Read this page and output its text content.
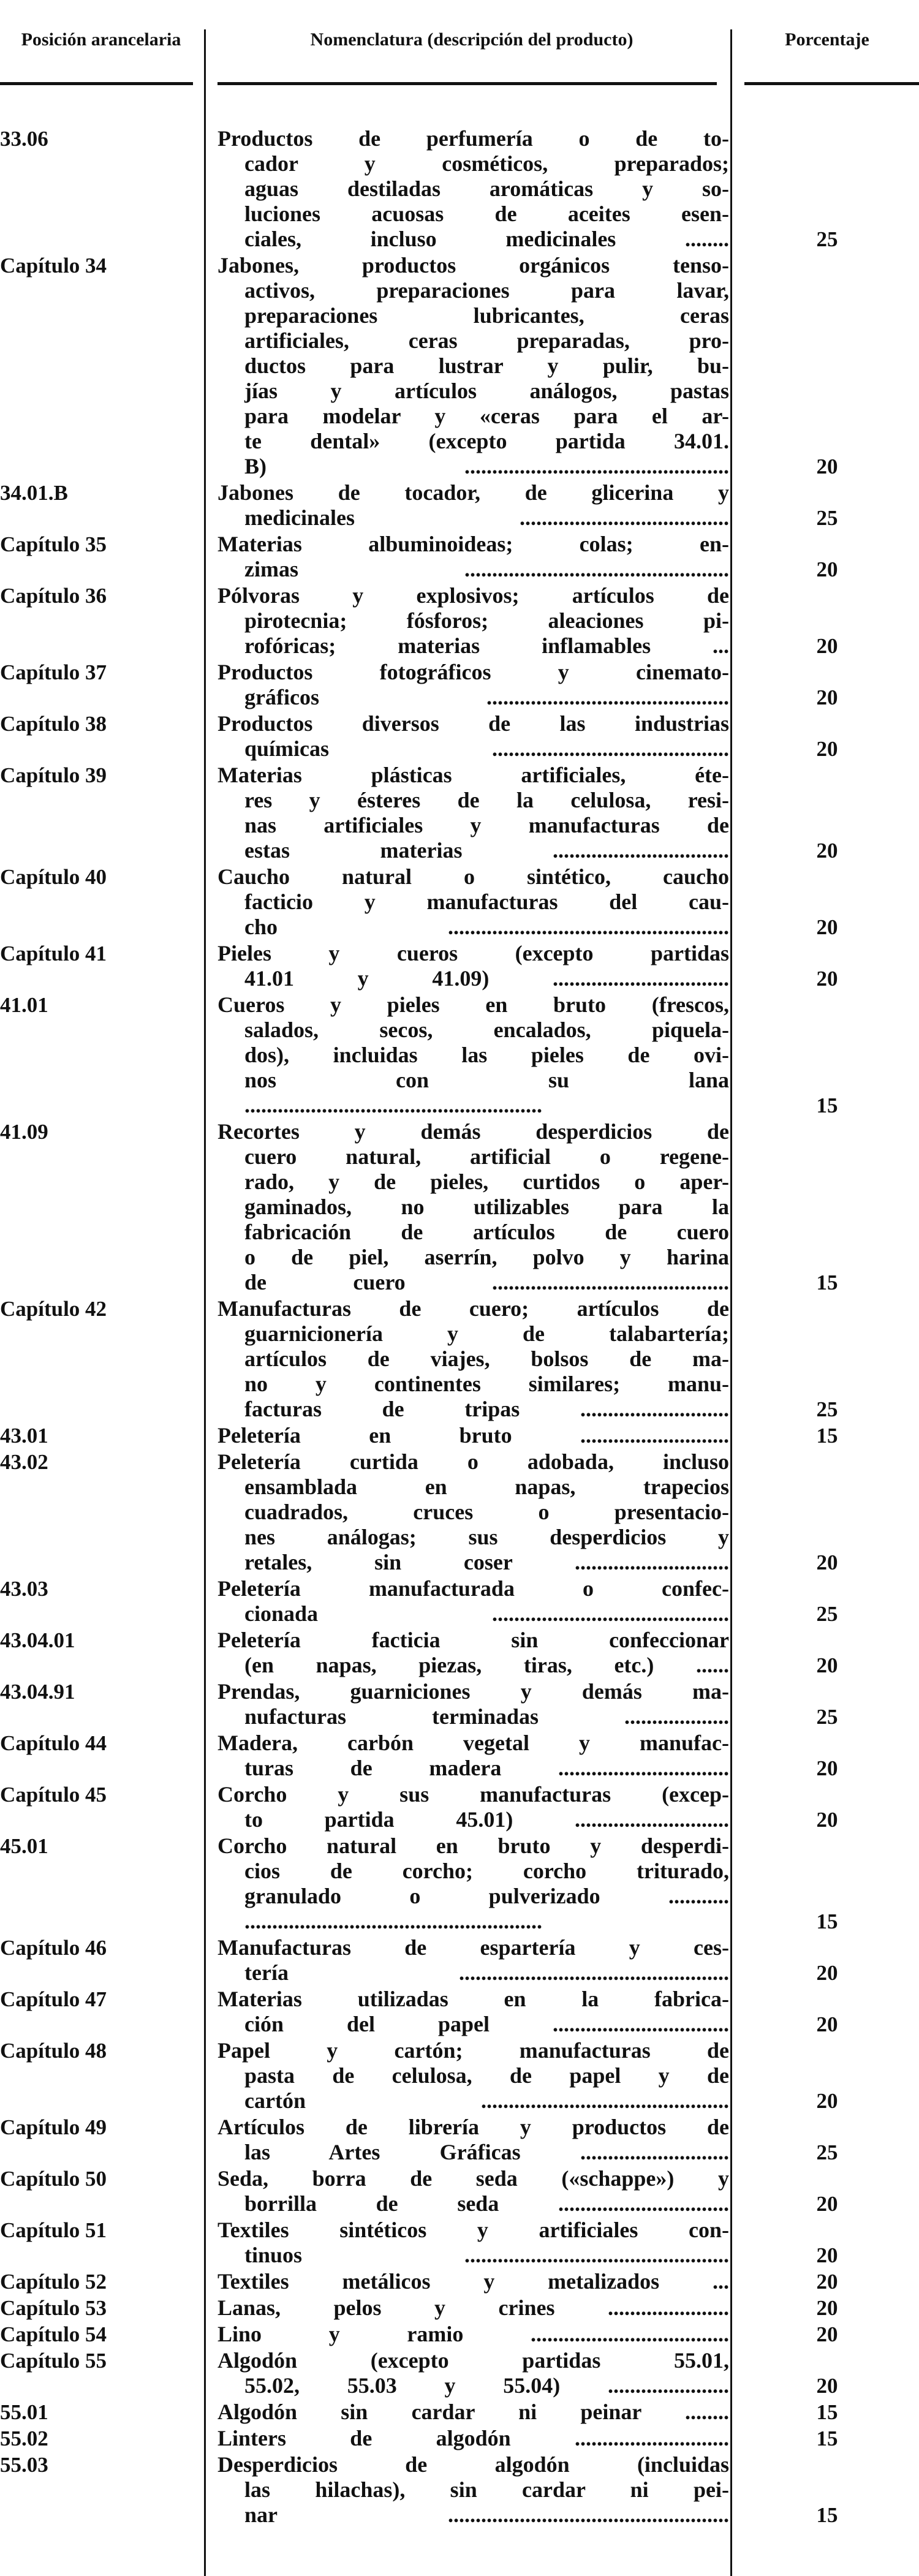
Posición arancelaria	Nomenclatura (descripción del producto)	Porcentaje
33.06	Productos de perfumería o de to-
cador y cosméticos, preparados;
aguas destiladas aromáticas y so-
luciones acuosas de aceites esen-
ciales, incluso medicinales ........	25
Capítulo 34	Jabones, productos orgánicos tenso-
activos, preparaciones para lavar,
preparaciones lubricantes, ceras
artificiales, ceras preparadas, pro-
ductos para lustrar y pulir, bu-
jías y artículos análogos, pastas
para modelar y «ceras para el ar-
te dental» (excepto partida 34.01.
B) ................................................	20
34.01.B	Jabones de tocador, de glicerina y
medicinales ......................................	25
Capítulo 35	Materias albuminoideas; colas; en-
zimas ................................................	20
Capítulo 36	Pólvoras y explosivos; artículos de
pirotecnia; fósforos; aleaciones pi-
rofóricas; materias inflamables ...	20
Capítulo 37	Productos fotográficos y cinemato-
gráficos ............................................	20
Capítulo 38	Productos diversos de las industrias
químicas ...........................................	20
Capítulo 39	Materias plásticas artificiales, éte-
res y ésteres de la celulosa, resi-
nas artificiales y manufacturas de
estas materias ................................	20
Capítulo 40	Caucho natural o sintético, caucho
facticio y manufacturas del cau-
cho ...................................................	20
Capítulo 41	Pieles y cueros (excepto partidas
41.01 y 41.09) ................................	20
41.01	Cueros y pieles en bruto (frescos,
salados, secos, encalados, piquela-
dos), incluidas las pieles de ovi-
nos con su lana
......................................................	15
41.09	Recortes y demás desperdicios de
cuero natural, artificial o regene-
rado, y de pieles, curtidos o aper-
gaminados, no utilizables para la
fabricación de artículos de cuero
o de piel, aserrín, polvo y harina
de cuero ...........................................	15
Capítulo 42	Manufacturas de cuero; artículos de
guarnicionería y de talabartería;
artículos de viajes, bolsos de ma-
no y continentes similares; manu-
facturas de tripas ...........................	25
43.01	Peletería en bruto ...........................	15
43.02	Peletería curtida o adobada, incluso
ensamblada en napas, trapecios
cuadrados, cruces o presentacio-
nes análogas; sus desperdicios y
retales, sin coser ............................	20
43.03	Peletería manufacturada o confec-
cionada ...........................................	25
43.04.01	Peletería facticia sin confeccionar
(en napas, piezas, tiras, etc.) ......	20
43.04.91	Prendas, guarniciones y demás ma-
nufacturas terminadas ...................	25
Capítulo 44	Madera, carbón vegetal y manufac-
turas de madera ...............................	20
Capítulo 45	Corcho y sus manufacturas (excep-
to partida 45.01) ............................	20
45.01	Corcho natural en bruto y desperdi-
cios de corcho; corcho triturado,
granulado o pulverizado ...........
......................................................	15
Capítulo 46	Manufacturas de espartería y ces-
tería .................................................	20
Capítulo 47	Materias utilizadas en la fabrica-
ción del papel ................................	20
Capítulo 48	Papel y cartón; manufacturas de
pasta de celulosa, de papel y de
cartón .............................................	20
Capítulo 49	Artículos de librería y productos de
las Artes Gráficas ...........................	25
Capítulo 50	Seda, borra de seda («schappe») y
borrilla de seda ...............................	20
Capítulo 51	Textiles sintéticos y artificiales con-
tinuos ................................................	20
Capítulo 52	Textiles metálicos y metalizados ...	20
Capítulo 53	Lanas, pelos y crines ......................	20
Capítulo 54	Lino y ramio ....................................	20
Capítulo 55	Algodón (excepto partidas 55.01,
55.02, 55.03 y 55.04) ......................	20
55.01	Algodón sin cardar ni peinar ........	15
55.02	Linters de algodón ............................	15
55.03	Desperdicios de algodón (incluidas
las hilachas), sin cardar ni pei-
nar ...................................................	15
